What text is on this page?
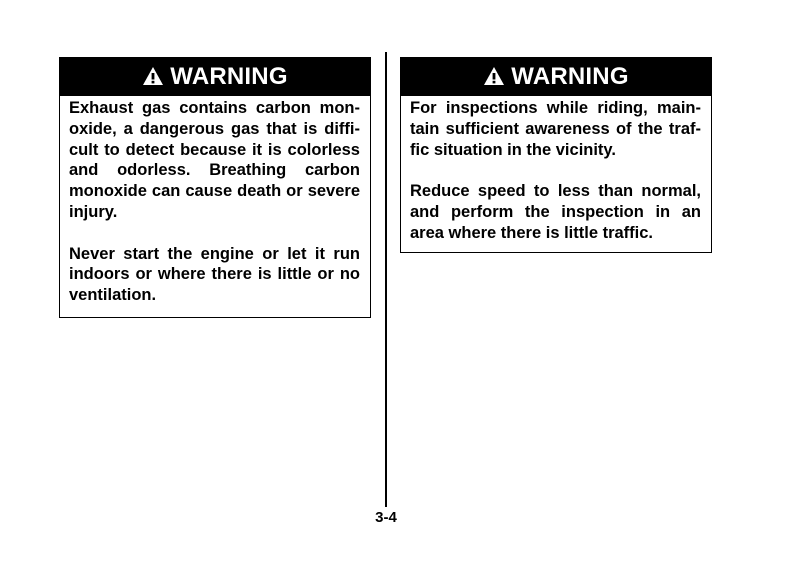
WARNING

Exhaust gas contains carbon monoxide, a dangerous gas that is difficult to detect because it is colorless and odorless. Breathing carbon monoxide can cause death or severe injury.

Never start the engine or let it run indoors or where there is little or no ventilation.

WARNING

For inspections while riding, maintain sufficient awareness of the traffic situation in the vicinity.

Reduce speed to less than normal, and perform the inspection in an area where there is little traffic.

3-4
